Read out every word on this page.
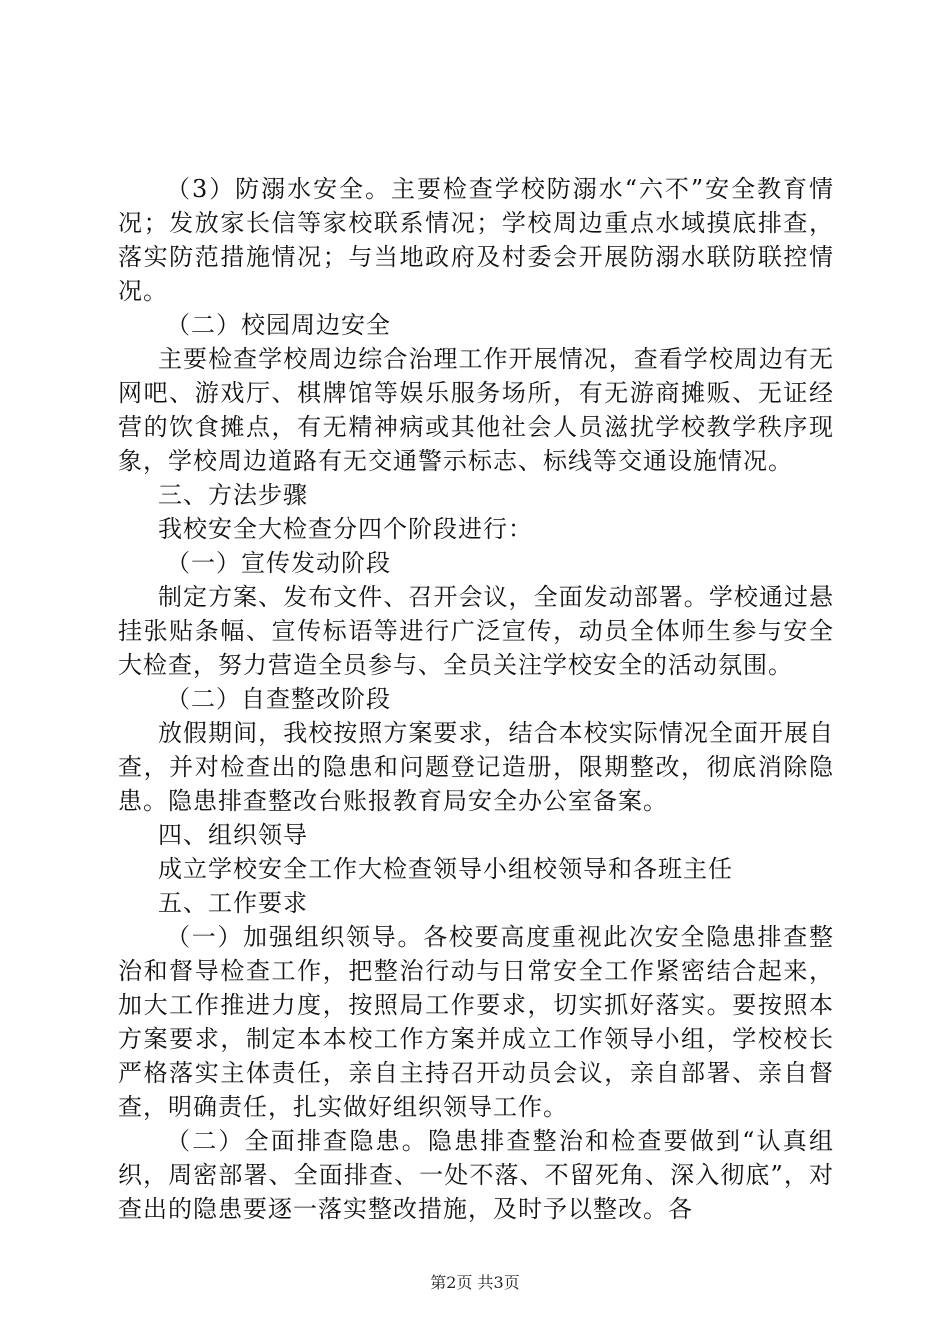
（3）防溺水安全。主要检查学校防溺水“六不”安全教育情况；发放家长信等家校联系情况；学校周边重点水域摸底排查，落实防范措施情况；与当地政府及村委会开展防溺水联防联控情况。

（二）校园周边安全

主要检查学校周边综合治理工作开展情况，查看学校周边有无网吧、游戏厅、棋牌馆等娱乐服务场所，有无游商摊贩、无证经营的饮食摊点，有无精神病或其他社会人员滋扰学校教学秩序现象，学校周边道路有无交通警示标志、标线等交通设施情况。

三、方法步骤

我校安全大检查分四个阶段进行：

（一）宣传发动阶段

制定方案、发布文件、召开会议，全面发动部署。学校通过悬挂张贴条幅、宣传标语等进行广泛宣传，动员全体师生参与安全大检查，努力营造全员参与、全员关注学校安全的活动氛围。

（二）自查整改阶段

放假期间，我校按照方案要求，结合本校实际情况全面开展自查，并对检查出的隐患和问题登记造册，限期整改，彻底消除隐患。隐患排查整改台账报教育局安全办公室备案。

四、组织领导

成立学校安全工作大检查领导小组校领导和各班主任

五、工作要求

（一）加强组织领导。各校要高度重视此次安全隐患排查整治和督导检查工作，把整治行动与日常安全工作紧密结合起来，加大工作推进力度，按照局工作要求，切实抓好落实。要按照本方案要求，制定本本校工作方案并成立工作领导小组，学校校长严格落实主体责任，亲自主持召开动员会议，亲自部署、亲自督查，明确责任，扎实做好组织领导工作。

（二）全面排查隐患。隐患排查整治和检查要做到“认真组织，周密部署、全面排查、一处不落、不留死角、深入彻底”，对查出的隐患要逐一落实整改措施，及时予以整改。各

第2页 共3页
